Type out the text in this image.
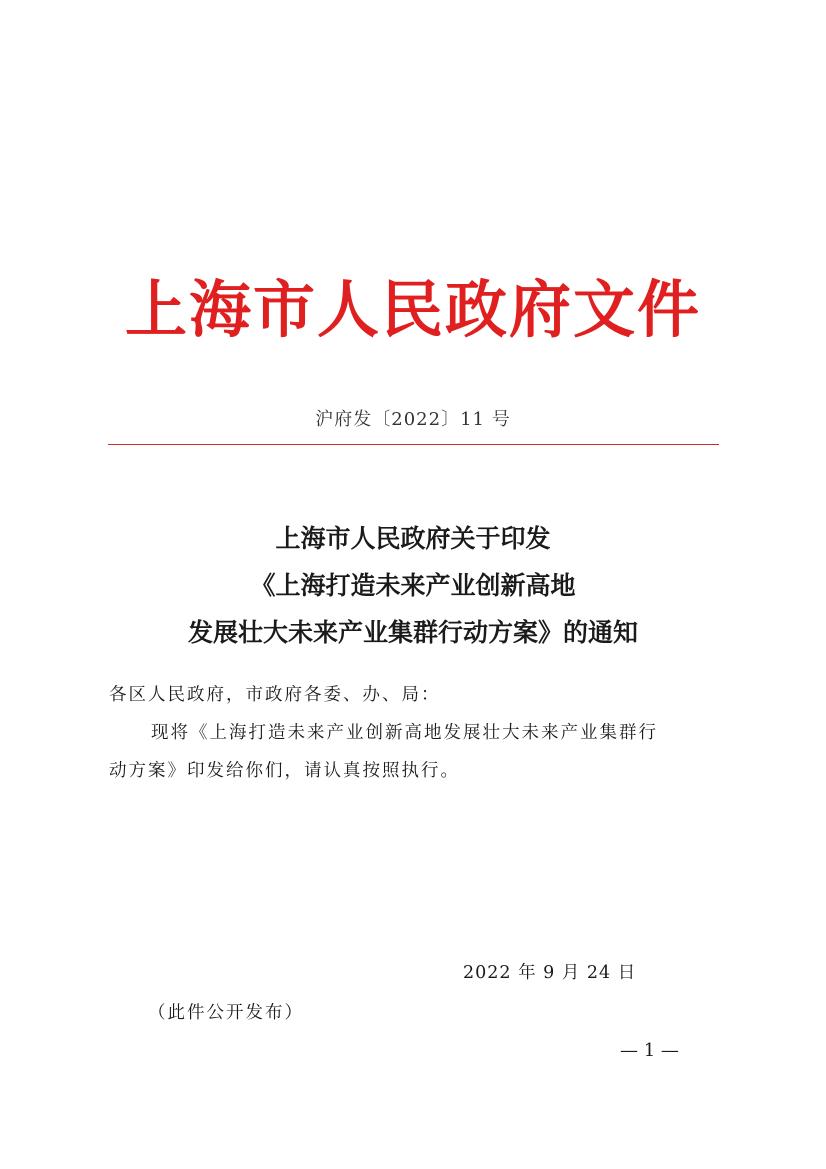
上海市人民政府文件
沪府发〔2022〕11 号
上海市人民政府关于印发
《上海打造未来产业创新高地
发展壮大未来产业集群行动方案》的通知
各区人民政府，市政府各委、办、局：
现将《上海打造未来产业创新高地发展壮大未来产业集群行
动方案》印发给你们，请认真按照执行。
2022 年 9 月 24 日
（此件公开发布）
— 1 —
